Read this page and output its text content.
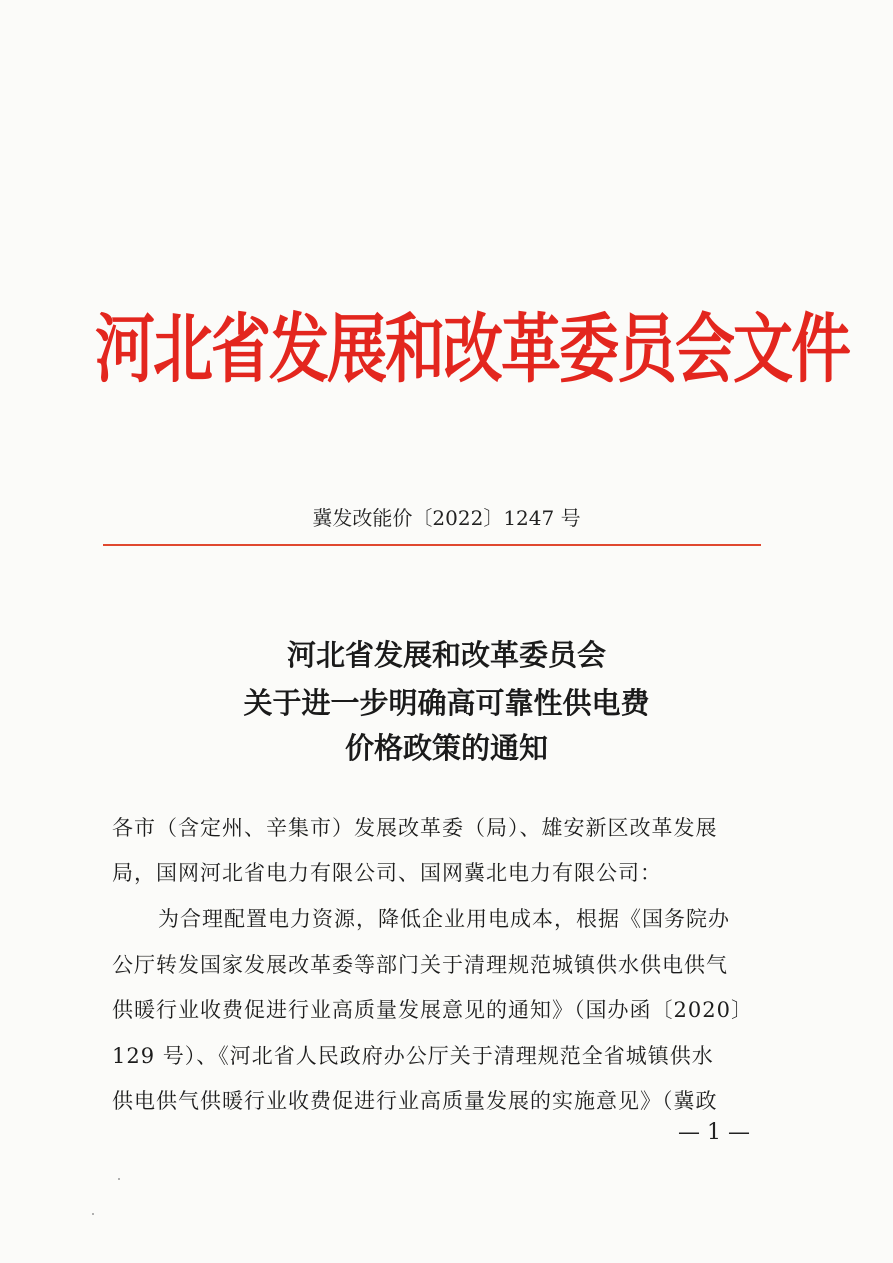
河北省发展和改革委员会文件
冀发改能价〔2022〕1247 号
河北省发展和改革委员会
关于进一步明确高可靠性供电费
价格政策的通知
各市（含定州、辛集市）发展改革委（局）、雄安新区改革发展
局，国网河北省电力有限公司、国网冀北电力有限公司：
为合理配置电力资源，降低企业用电成本，根据《国务院办
公厅转发国家发展改革委等部门关于清理规范城镇供水供电供气
供暖行业收费促进行业高质量发展意见的通知》（国办函〔2020〕
129 号）、《河北省人民政府办公厅关于清理规范全省城镇供水
供电供气供暖行业收费促进行业高质量发展的实施意见》（冀政
— 1 —
